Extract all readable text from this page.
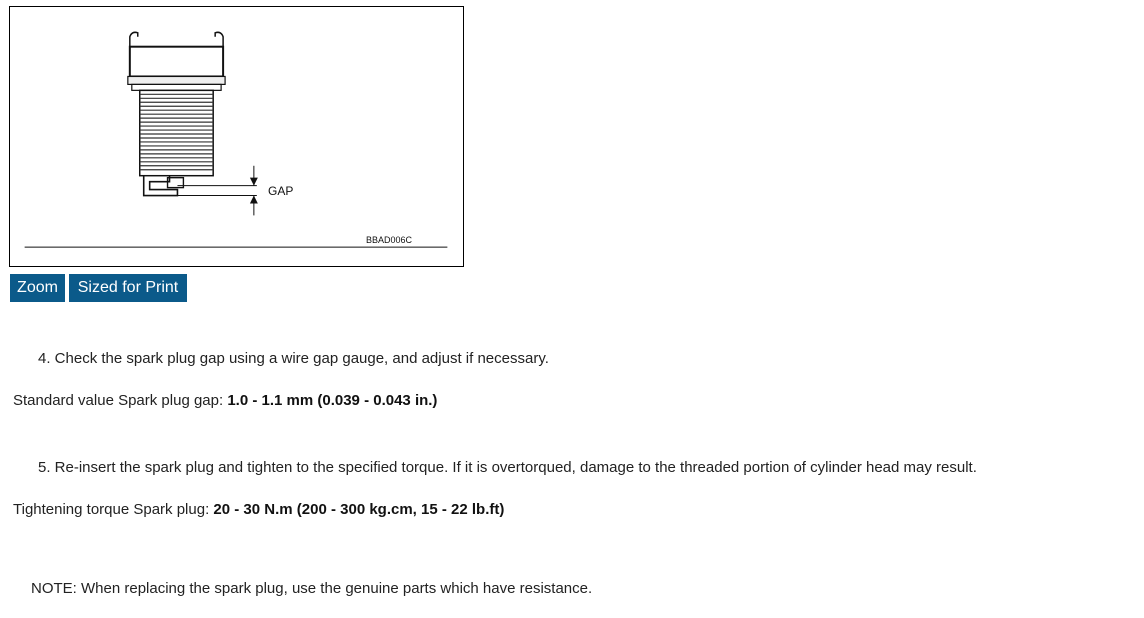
GAP
BBAD006C
Zoom	Sized for Print
4. Check the spark plug gap using a wire gap gauge, and adjust if necessary.
Standard value Spark plug gap: 1.0 - 1.1 mm (0.039 - 0.043 in.)
5. Re-insert the spark plug and tighten to the specified torque. If it is overtorqued, damage to the threaded portion of cylinder head may result.
Tightening torque Spark plug: 20 - 30 N.m (200 - 300 kg.cm, 15 - 22 lb.ft)
NOTE: When replacing the spark plug, use the genuine parts which have resistance.
